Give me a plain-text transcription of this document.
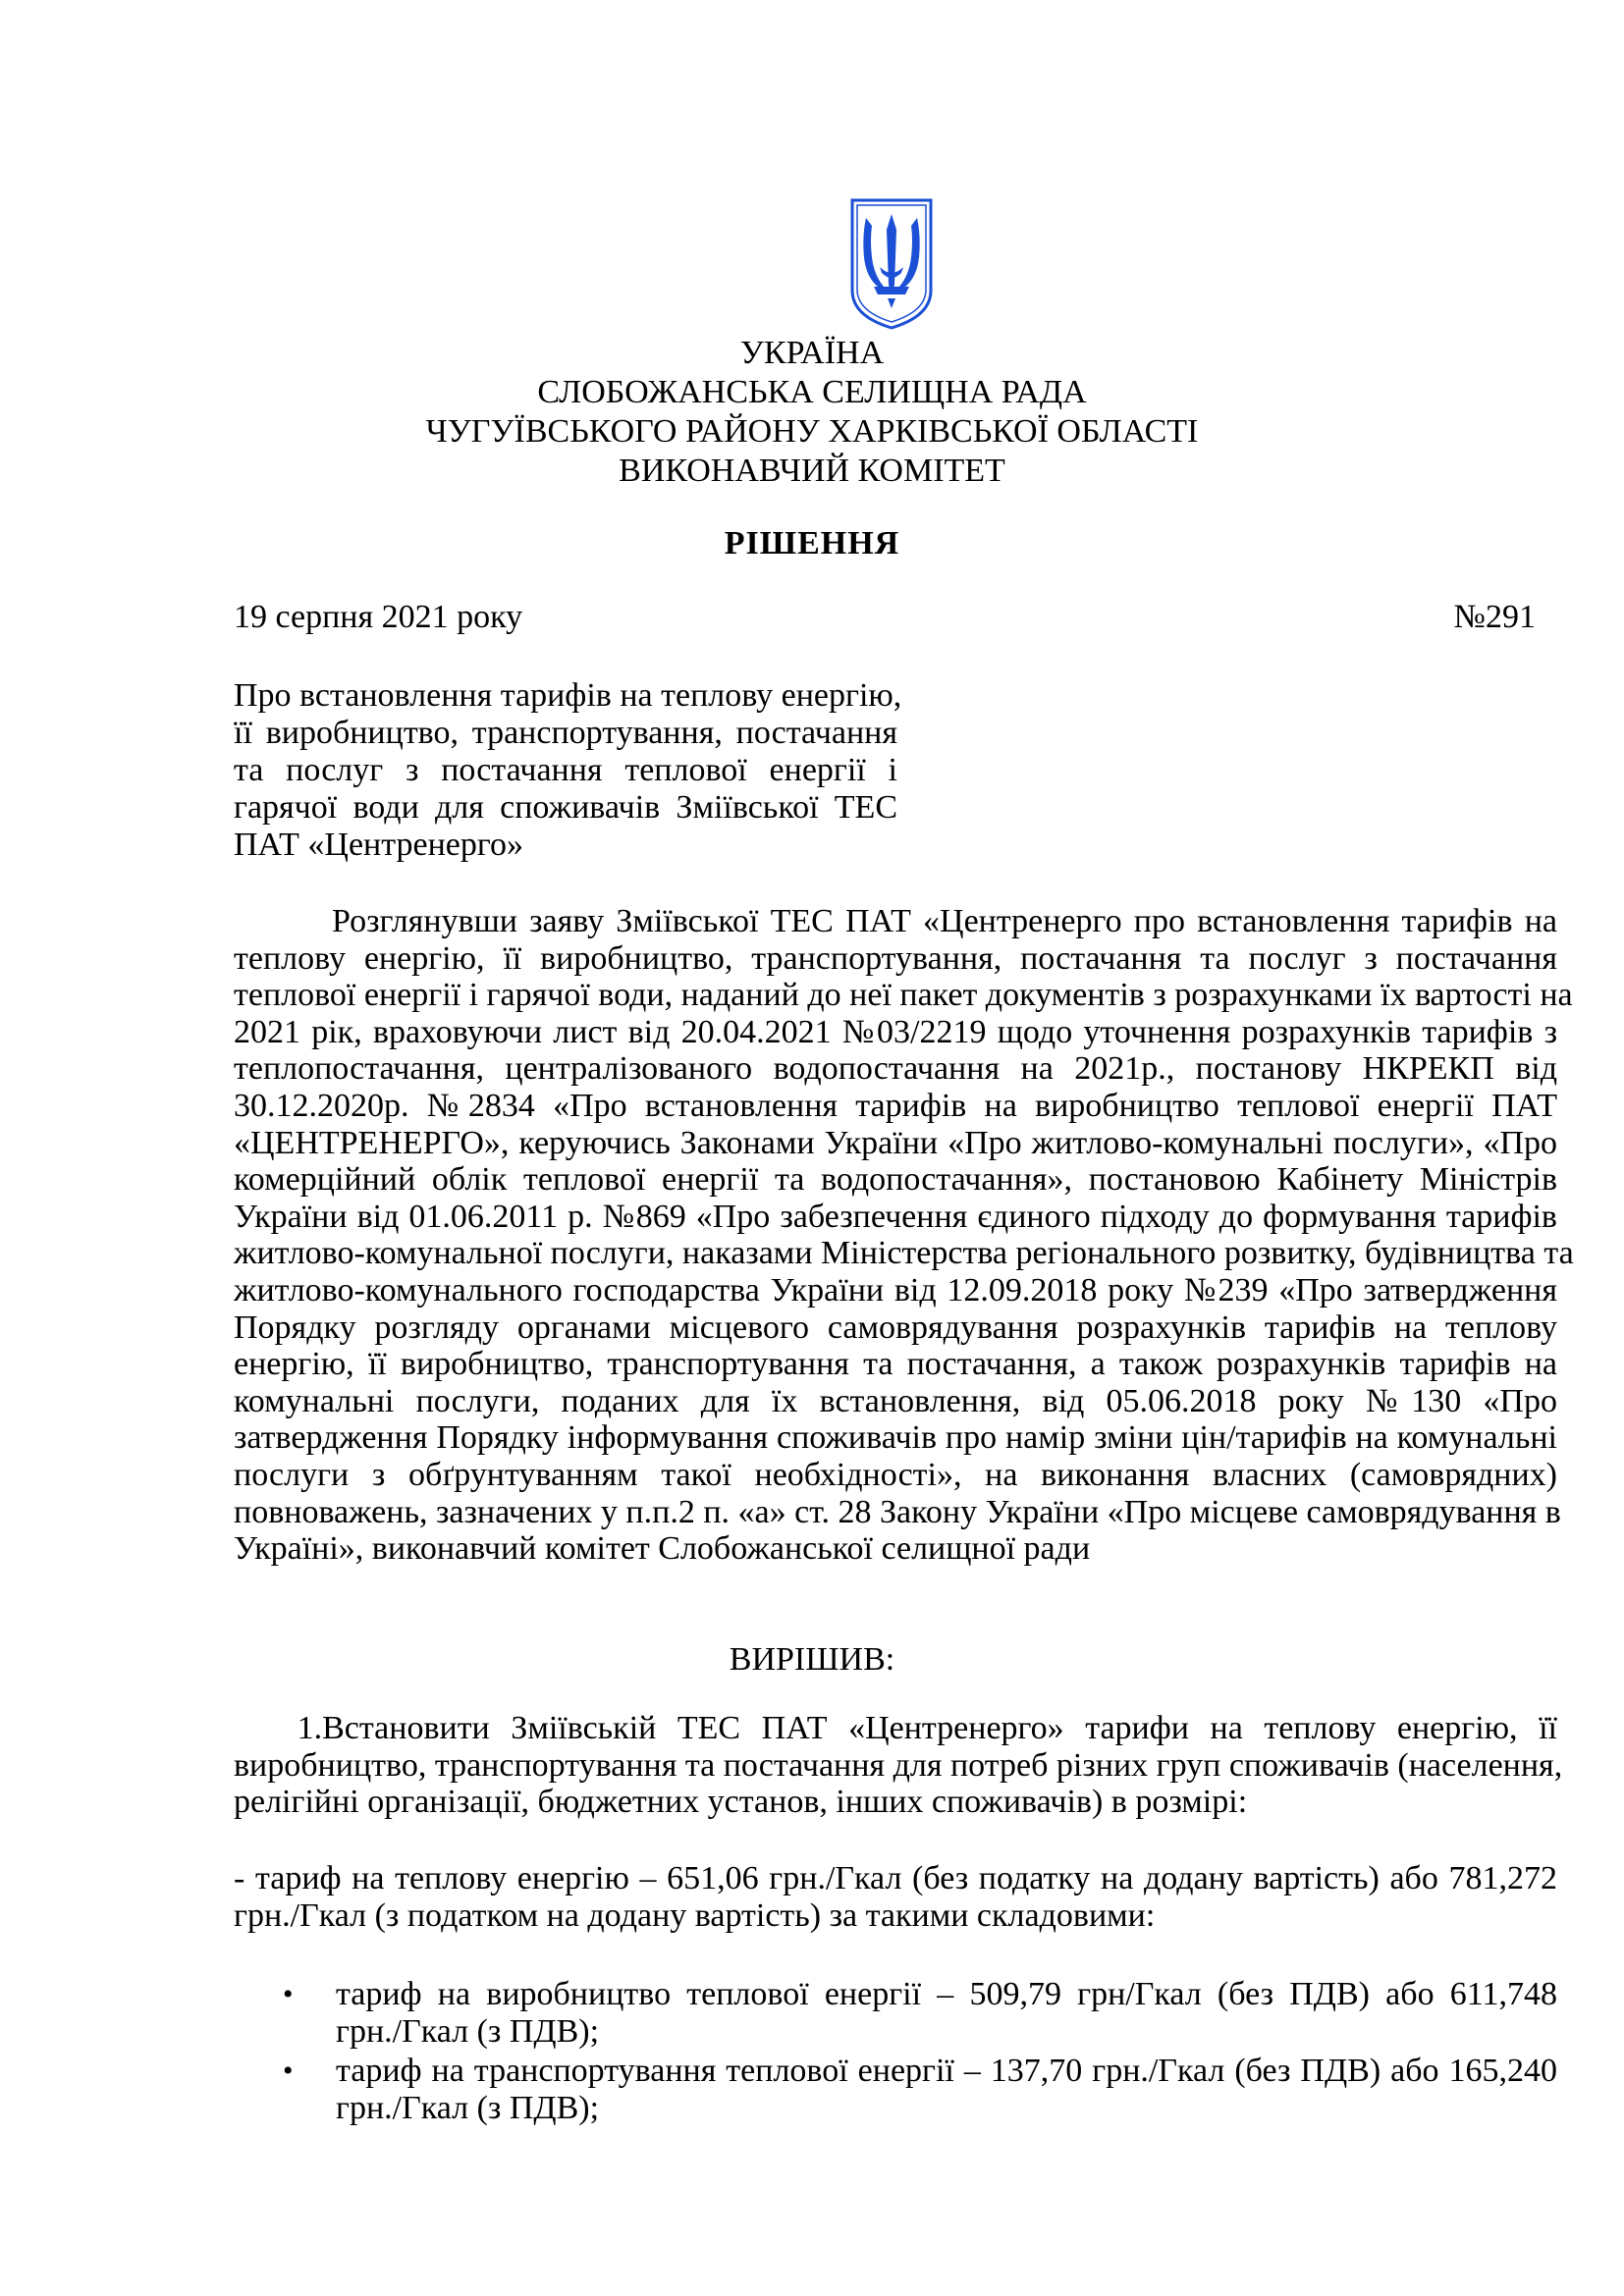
УКРАЇНА
СЛОБОЖАНСЬКА СЕЛИЩНА РАДА
ЧУГУЇВСЬКОГО РАЙОНУ ХАРКІВСЬКОЇ ОБЛАСТІ
ВИКОНАВЧИЙ КОМІТЕТ
РІШЕННЯ
19 серпня 2021 року	№291
Про встановлення тарифів на теплову енергію,
її виробництво, транспортування, постачання
та послуг з постачання теплової енергії і
гарячої води для споживачів Зміївської ТЕС
ПАТ «Центренерго»
Розглянувши заяву Зміївської ТЕС ПАТ «Центренерго про встановлення тарифів на
теплову енергію, її виробництво, транспортування, постачання та послуг з постачання
теплової енергії і гарячої води, наданий до неї пакет документів з розрахунками їх вартості на
2021 рік, враховуючи лист від 20.04.2021 №03/2219 щодо уточнення розрахунків тарифів з
теплопостачання, централізованого водопостачання на 2021р., постанову НКРЕКП від
30.12.2020р. №2834 «Про встановлення тарифів на виробництво теплової енергії ПАТ
«ЦЕНТРЕНЕРГО», керуючись Законами України «Про житлово-комунальні послуги», «Про
комерційний облік теплової енергії та водопостачання», постановою Кабінету Міністрів
України від 01.06.2011 р. №869 «Про забезпечення єдиного підходу до формування тарифів
житлово-комунальної послуги, наказами Міністерства регіонального розвитку, будівництва та
житлово-комунального господарства України від 12.09.2018 року №239 «Про затвердження
Порядку розгляду органами місцевого самоврядування розрахунків тарифів на теплову
енергію, її виробництво, транспортування та постачання, а також розрахунків тарифів на
комунальні послуги, поданих для їх встановлення, від 05.06.2018 року №130 «Про
затвердження Порядку інформування споживачів про намір зміни цін/тарифів на комунальні
послуги з обґрунтуванням такої необхідності», на виконання власних (самоврядних)
повноважень, зазначених у п.п.2 п. «а» ст. 28 Закону України «Про місцеве самоврядування в
Україні», виконавчий комітет Слобожанської селищної ради
ВИРІШИВ:
1.Встановити Зміївській ТЕС ПАТ «Центренерго» тарифи на теплову енергію, її
виробництво, транспортування та постачання для потреб різних груп споживачів (населення,
релігійні організації, бюджетних установ, інших споживачів) в розмірі:
- тариф на теплову енергію – 651,06 грн./Гкал (без податку на додану вартість) або 781,272
грн./Гкал (з податком на додану вартість) за такими складовими:
• тариф на виробництво теплової енергії – 509,79 грн/Гкал (без ПДВ) або 611,748
грн./Гкал (з ПДВ);
• тариф на транспортування теплової енергії – 137,70 грн./Гкал (без ПДВ) або 165,240
грн./Гкал (з ПДВ);
